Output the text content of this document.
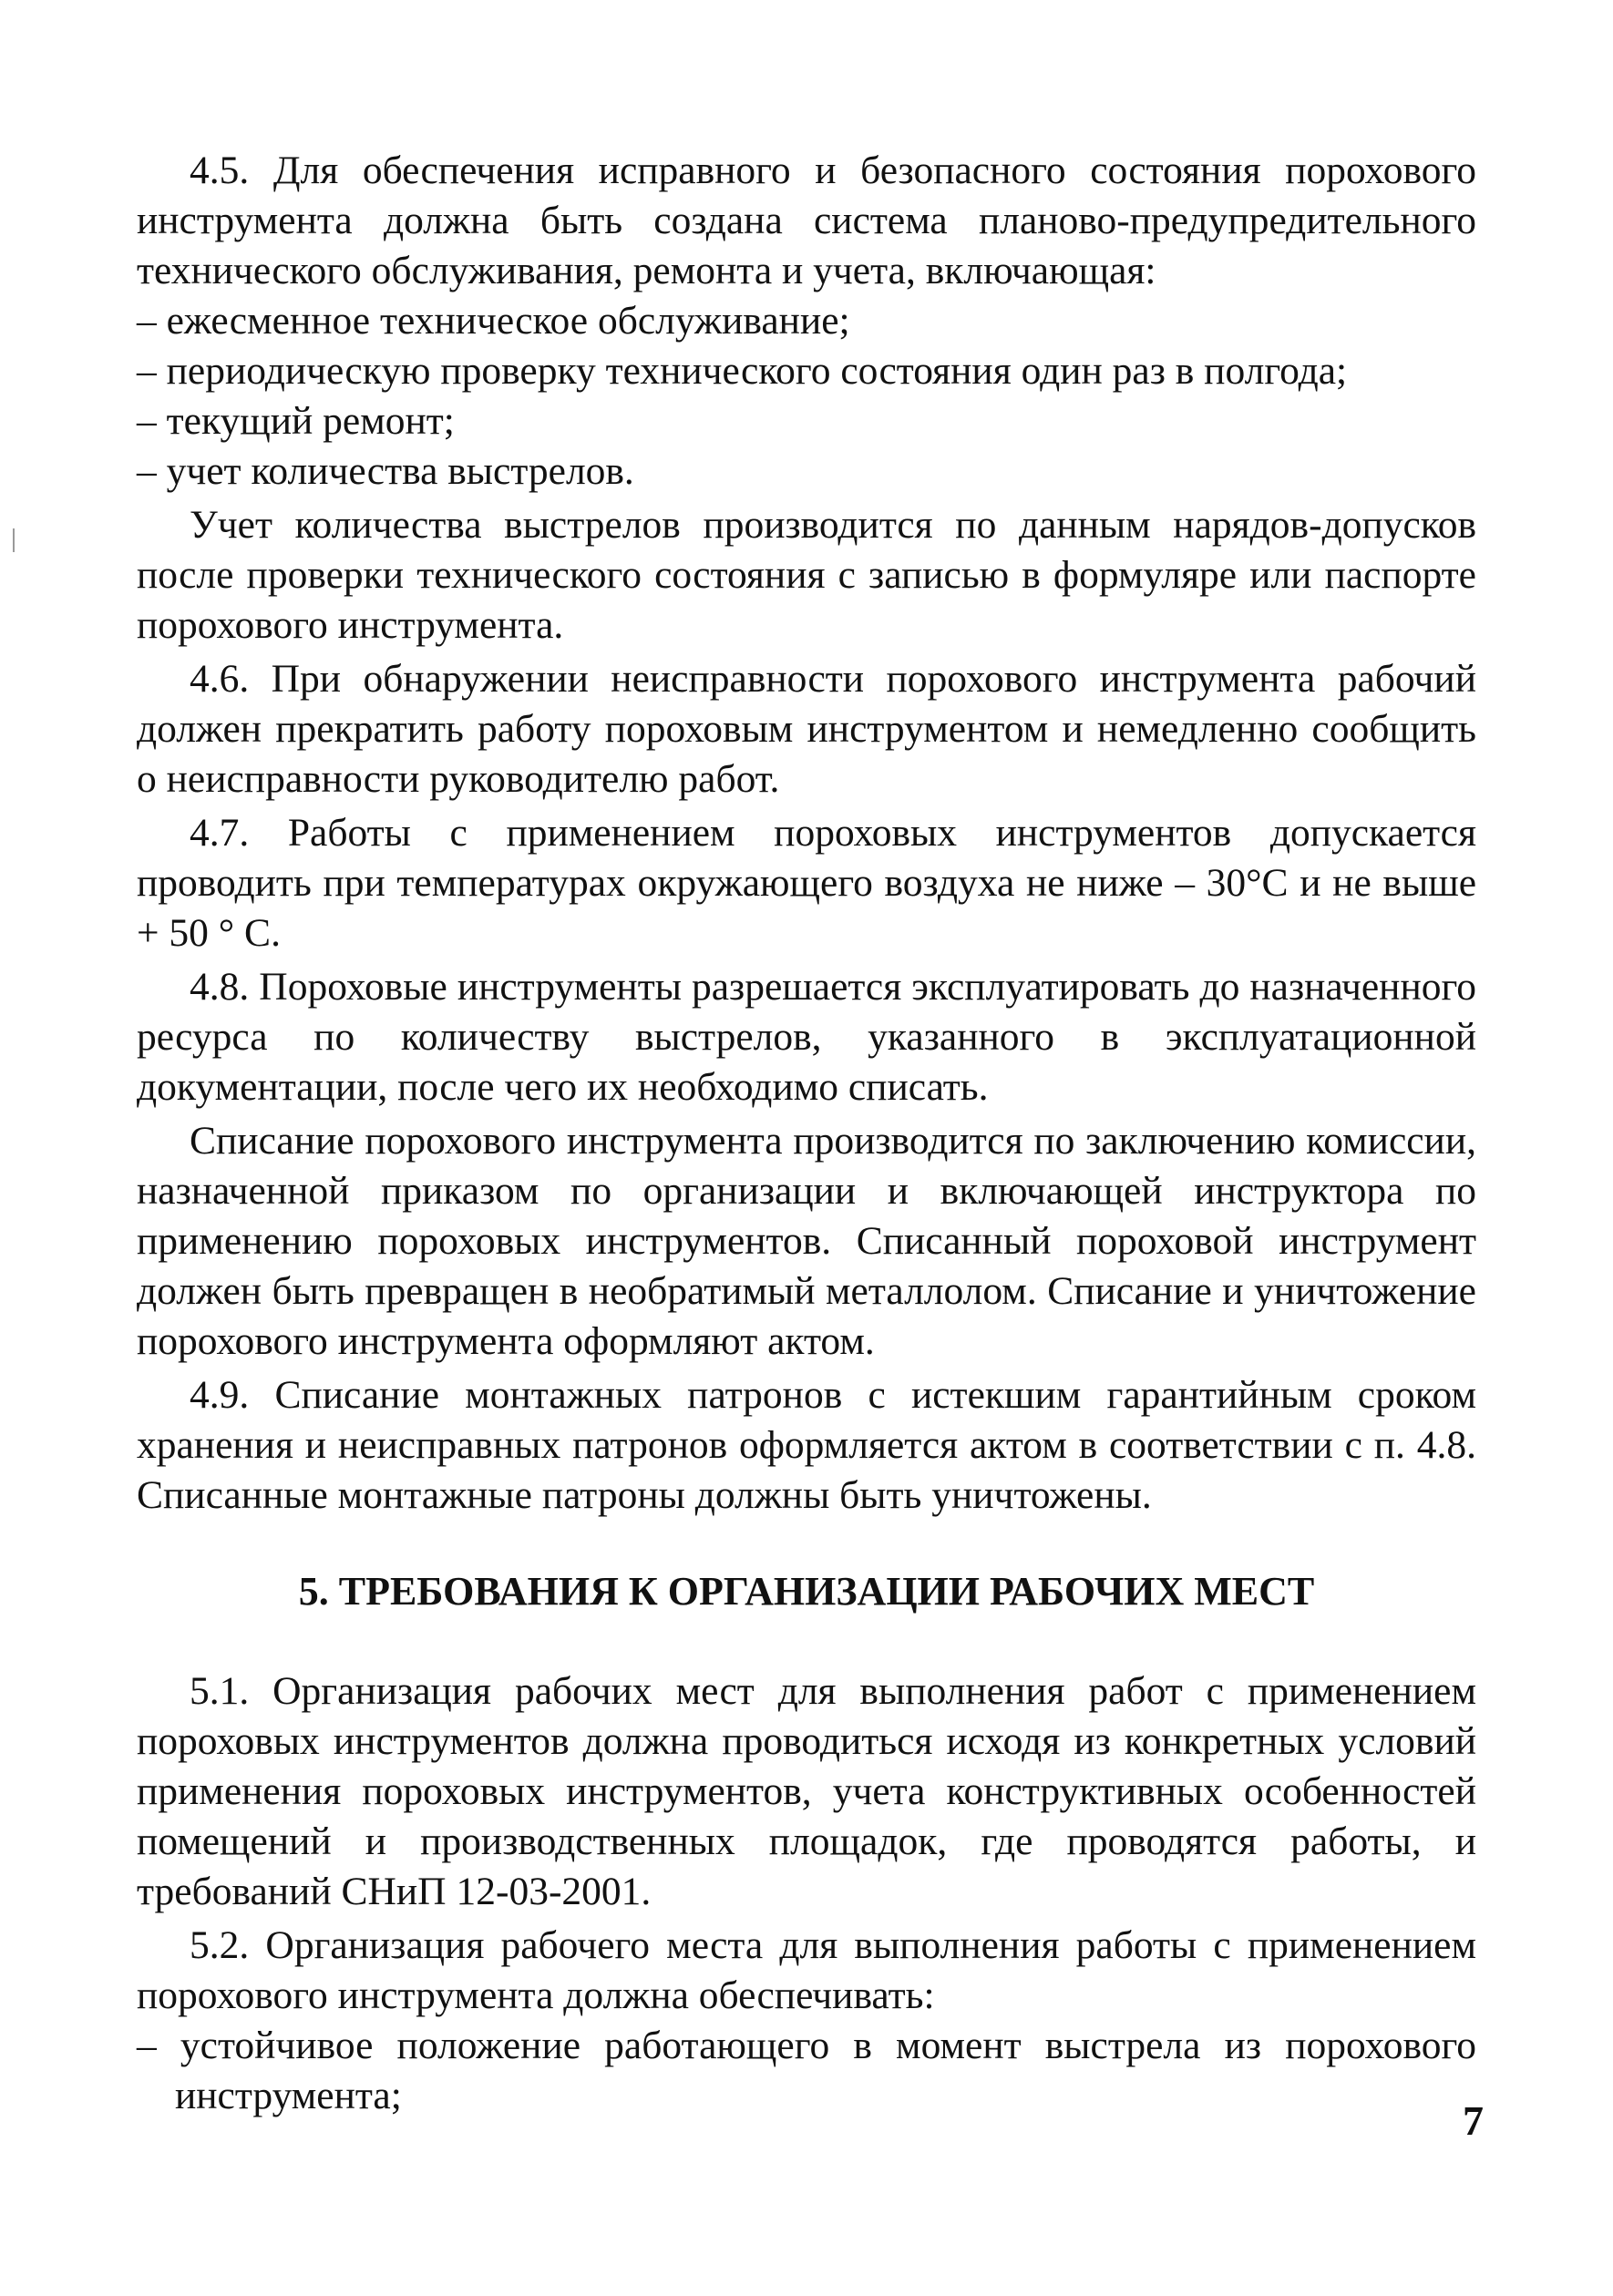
4.5. Для обеспечения исправного и безопасного состояния порохового инструмента должна быть создана система планово-предупредительного технического обслуживания, ремонта и учета, включающая:

– ежесменное техническое обслуживание;

– периодическую проверку технического состояния один раз в полгода;

– текущий ремонт;

– учет количества выстрелов.

Учет количества выстрелов производится по данным нарядов-допусков после проверки технического состояния с записью в формуляре или паспорте порохового инструмента.

4.6. При обнаружении неисправности порохового инструмента рабочий должен прекратить работу пороховым инструментом и немедленно сообщить о неисправности руководителю работ.

4.7. Работы с применением пороховых инструментов допускается проводить при температурах окружающего воздуха не ниже – 30°С и не выше + 50 ° С.

4.8. Пороховые инструменты разрешается эксплуатировать до назначенного ресурса по количеству выстрелов, указанного в эксплуатационной документации, после чего их необходимо списать.

Списание порохового инструмента производится по заключению комиссии, назначенной приказом по организации и включающей инструктора по применению пороховых инструментов. Списанный пороховой инструмент должен быть превращен в необратимый металлолом. Списание и уничтожение порохового инструмента оформляют актом.

4.9. Списание монтажных патронов с истекшим гарантийным сроком хранения и неисправных патронов оформляется актом в соответствии с п. 4.8. Списанные монтажные патроны должны быть уничтожены.

5. ТРЕБОВАНИЯ К ОРГАНИЗАЦИИ РАБОЧИХ МЕСТ

5.1. Организация рабочих мест для выполнения работ с применением пороховых инструментов должна проводиться исходя из конкретных условий применения пороховых инструментов, учета конструктивных особенностей помещений и производственных площадок, где проводятся работы, и требований СНиП 12-03-2001.

5.2. Организация рабочего места для выполнения работы с применением порохового инструмента должна обеспечивать:

– устойчивое положение работающего в момент выстрела из порохового инструмента;

7
